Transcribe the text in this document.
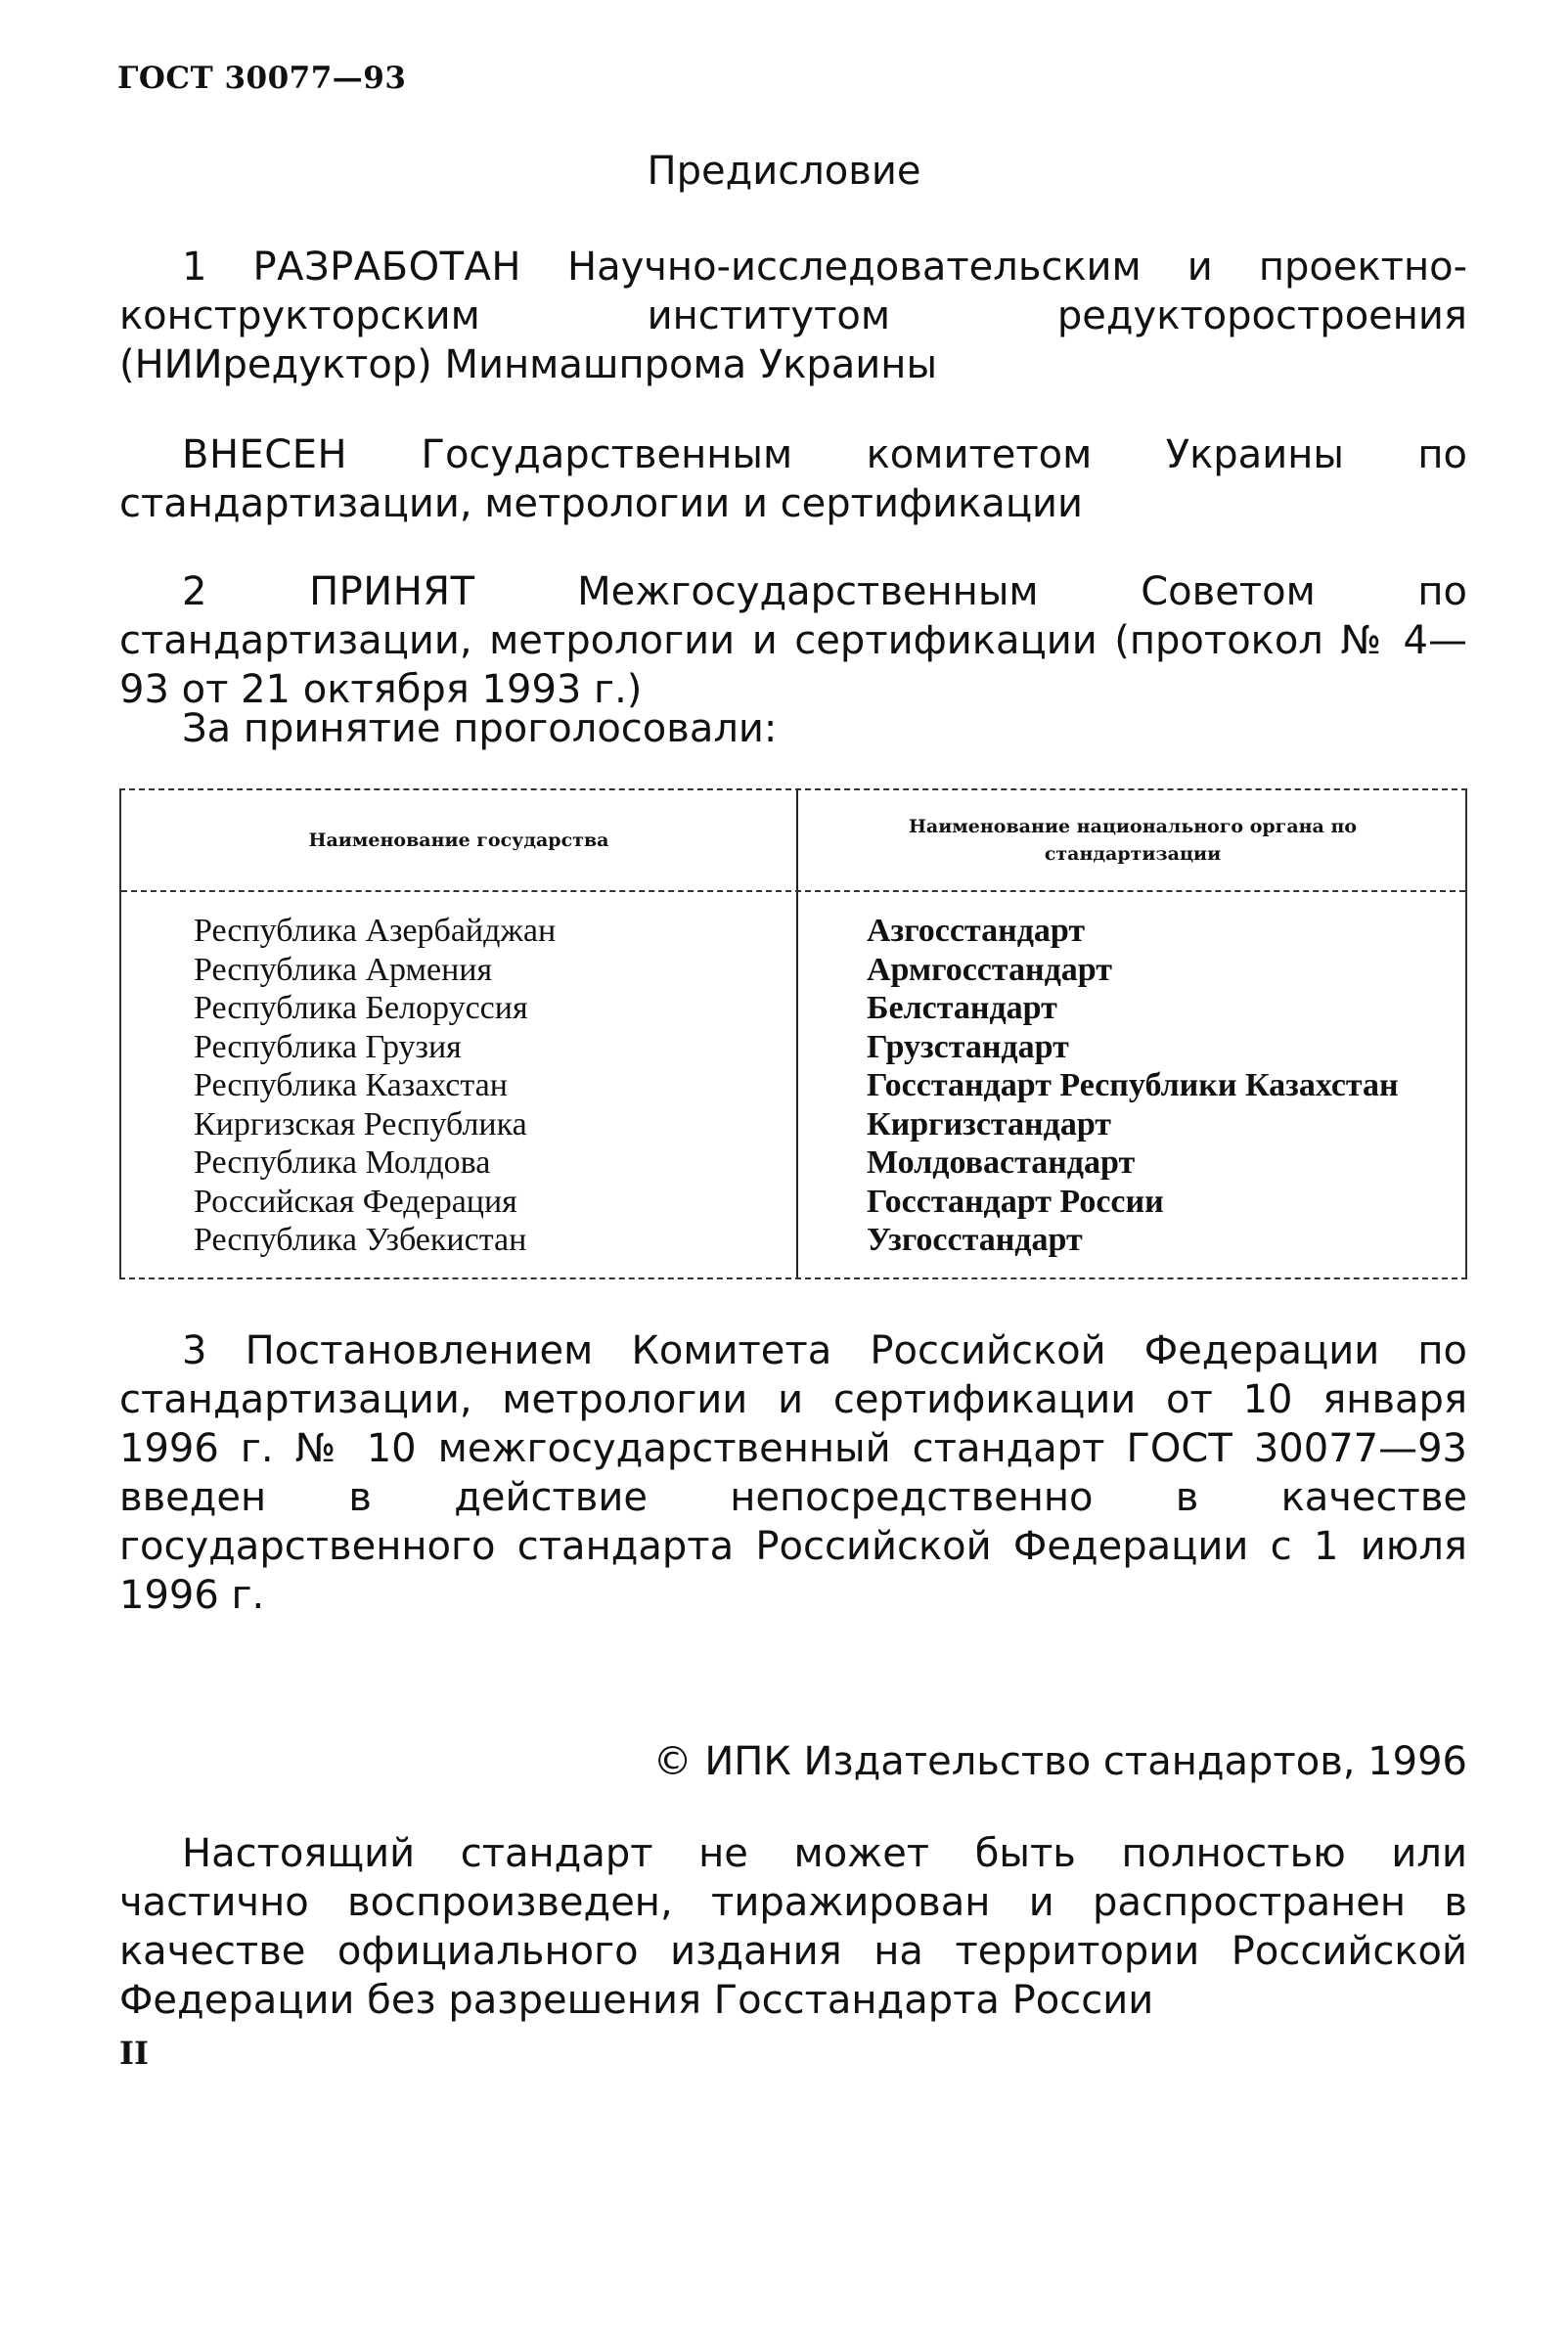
ГОСТ 30077—93
Предисловие
1 РАЗРАБОТАН Научно-исследовательским и проектно-конструкторским институтом редукторостроения (НИИредуктор) Минмашпрома Украины
ВНЕСЕН Государственным комитетом Украины по стандартизации, метрологии и сертификации
2	ПРИНЯТ	Межгосударственным Советом по стандартизации, метрологии и сертификации (протокол № 4—93 от 21 октября 1993 г.)
За принятие проголосовали:
Наименование государства
Наименование национального органа по стандартизации
Республика Азербайджан
Республика Армения
Республика Белоруссия
Республика Грузия
Республика Казахстан
Киргизская Республика
Республика Молдова
Российская Федерация
Республика Узбекистан
Азгосстандарт
Армгосстандарт
Белстандарт
Грузстандарт
Госстандарт Республики Казахстан
Киргизстандарт
Молдовастандарт
Госстандарт России
Узгосстандарт
3 Постановлением Комитета Российской Федерации по стандартизации, метрологии и сертификации от 10 января 1996 г. № 10 межгосударственный стандарт ГОСТ 30077—93 введен в действие непосредственно в качестве государственного стандарта Российской Федерации с 1 июля 1996 г.
© ИПК Издательство стандартов, 1996
Настоящий стандарт не может быть полностью или частично воспроизведен, тиражирован и распространен в качестве официального издания на территории Российской Федерации без разрешения Госстандарта России
II
